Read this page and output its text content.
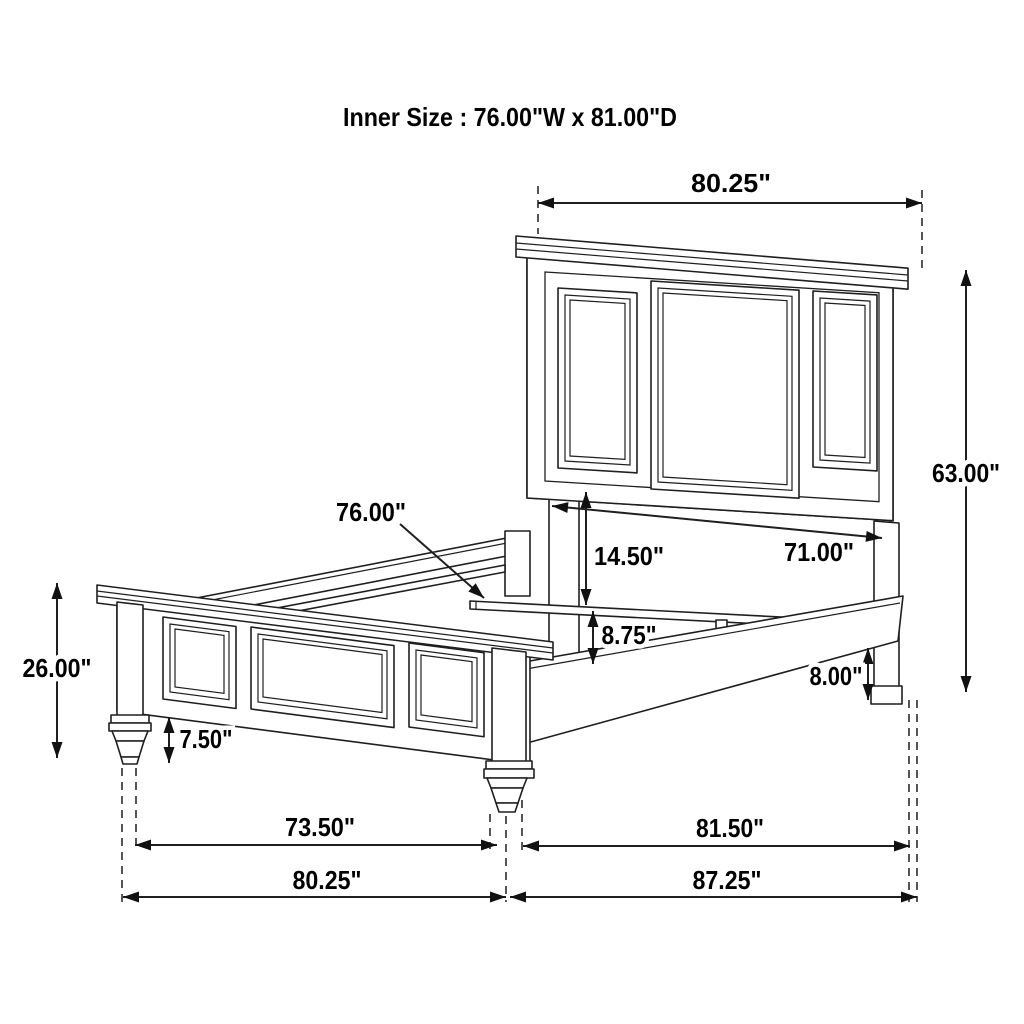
80.25"
63.00"
26.00"
76.00"
14.50"	71.00"
8.75"
8.00"
7.50"
73.50"	81.50"
80.25"	87.25"
Inner Size : 76.00"W x 81.00"D
